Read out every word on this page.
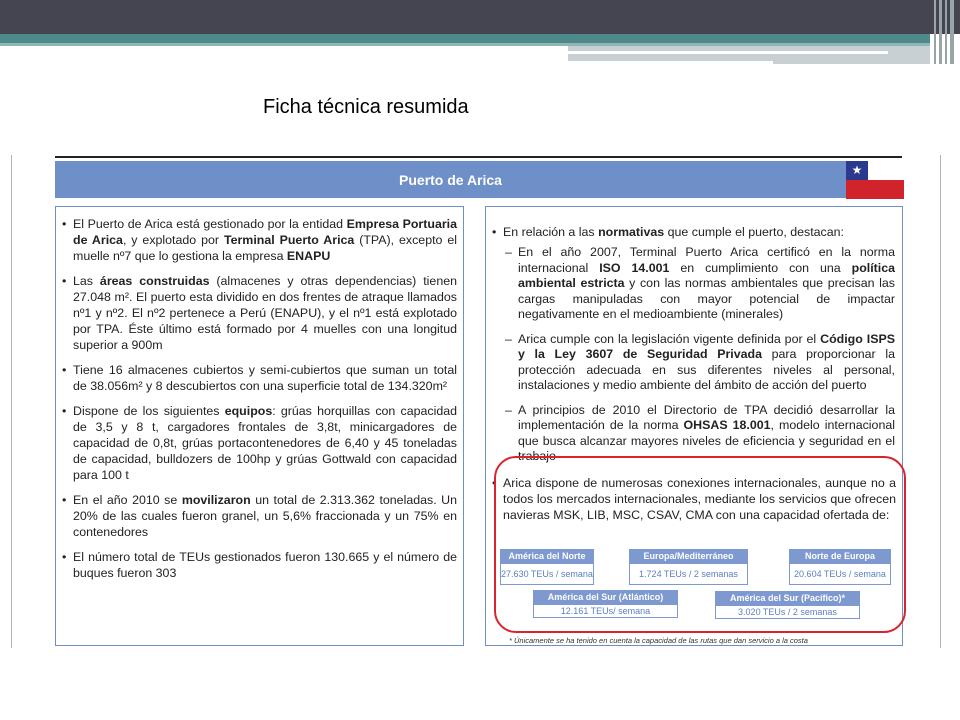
Ficha técnica resumida
Puerto de Arica
★
• El Puerto de Arica está gestionado por la entidad Empresa Portuaria de Arica, y explotado por Terminal Puerto Arica (TPA), excepto el muelle nº7 que lo gestiona la empresa ENAPU
• Las áreas construidas (almacenes y otras dependencias) tienen 27.048 m². El puerto esta dividido en dos frentes de atraque llamados nº1 y nº2. El nº2 pertenece a Perú (ENAPU), y el nº1 está explotado por TPA. Éste último está formado por 4 muelles con una longitud superior a 900m
• Tiene 16 almacenes cubiertos y semi-cubiertos que suman un total de 38.056m² y 8 descubiertos con una superficie total de 134.320m²
• Dispone de los siguientes equipos: grúas horquillas con capacidad de 3,5 y 8 t, cargadores frontales de 3,8t, minicargadores de capacidad de 0,8t, grúas portacontenedores de 6,40 y 45 toneladas de capacidad, bulldozers de 100hp y grúas Gottwald con capacidad para 100 t
• En el año 2010 se movilizaron un total de 2.313.362 toneladas. Un 20% de las cuales fueron granel, un 5,6% fraccionada y un 75% en contenedores
• El número total de TEUs gestionados fueron 130.665 y el número de buques fueron 303
• En relación a las normativas que cumple el puerto, destacan:
– En el año 2007, Terminal Puerto Arica certificó en la norma internacional ISO 14.001 en cumplimiento con una política ambiental estricta y con las normas ambientales que precisan las cargas manipuladas con mayor potencial de impactar negativamente en el medioambiente (minerales)
– Arica cumple con la legislación vigente definida por el Código ISPS y la Ley 3607 de Seguridad Privada para proporcionar la protección adecuada en sus diferentes niveles al personal, instalaciones y medio ambiente del ámbito de acción del puerto
– A principios de 2010 el Directorio de TPA decidió desarrollar la implementación de la norma OHSAS 18.001, modelo internacional que busca alcanzar mayores niveles de eficiencia y seguridad en el trabajo
• Arica dispone de numerosas conexiones internacionales, aunque no a todos los mercados internacionales, mediante los servicios que ofrecen navieras MSK, LIB, MSC, CSAV, CMA con una capacidad ofertada de:
América del Norte
27.630 TEUs / semana
Europa/Mediterráneo
1.724 TEUs / 2 semanas
Norte de Europa
20.604 TEUs / semana
América del Sur (Atlántico)
12.161 TEUs/ semana
América del Sur (Pacífico)*
3.020 TEUs / 2 semanas
* Únicamente se ha tenido en cuenta la capacidad de las rutas que dan servicio a la costa
